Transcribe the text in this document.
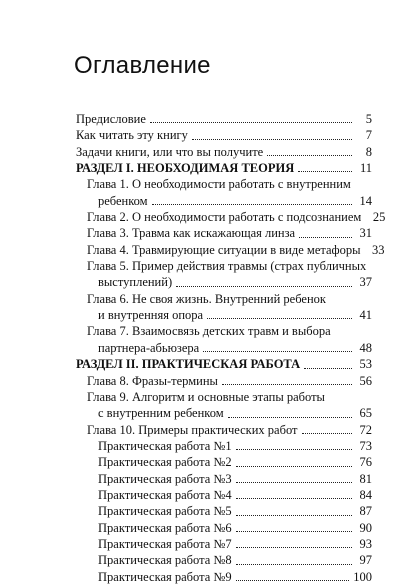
Оглавление
Предисловие	5
Как читать эту книгу	7
Задачи книги, или что вы получите	8
РАЗДЕЛ I. НЕОБХОДИМАЯ ТЕОРИЯ	11
Глава 1. О необходимости работать с внутренним
ребенком	14
Глава 2. О необходимости работать с подсознанием 25
Глава 3. Травма как искажающая линза	31
Глава 4. Травмирующие ситуации в виде метафоры 33
Глава 5. Пример действия травмы (страх публичных
выступлений)	37
Глава 6. Не своя жизнь. Внутренний ребенок
и внутренняя опора	41
Глава 7. Взаимосвязь детских травм и выбора
партнера-абьюзера	48
РАЗДЕЛ II. ПРАКТИЧЕСКАЯ РАБОТА	53
Глава 8. Фразы-термины	56
Глава 9. Алгоритм и основные этапы работы
с внутренним ребенком	65
Глава 10. Примеры практических работ	72
Практическая работа №1	73
Практическая работа №2	76
Практическая работа №3	81
Практическая работа №4	84
Практическая работа №5	87
Практическая работа №6	90
Практическая работа №7	93
Практическая работа №8	97
Практическая работа №9	100
